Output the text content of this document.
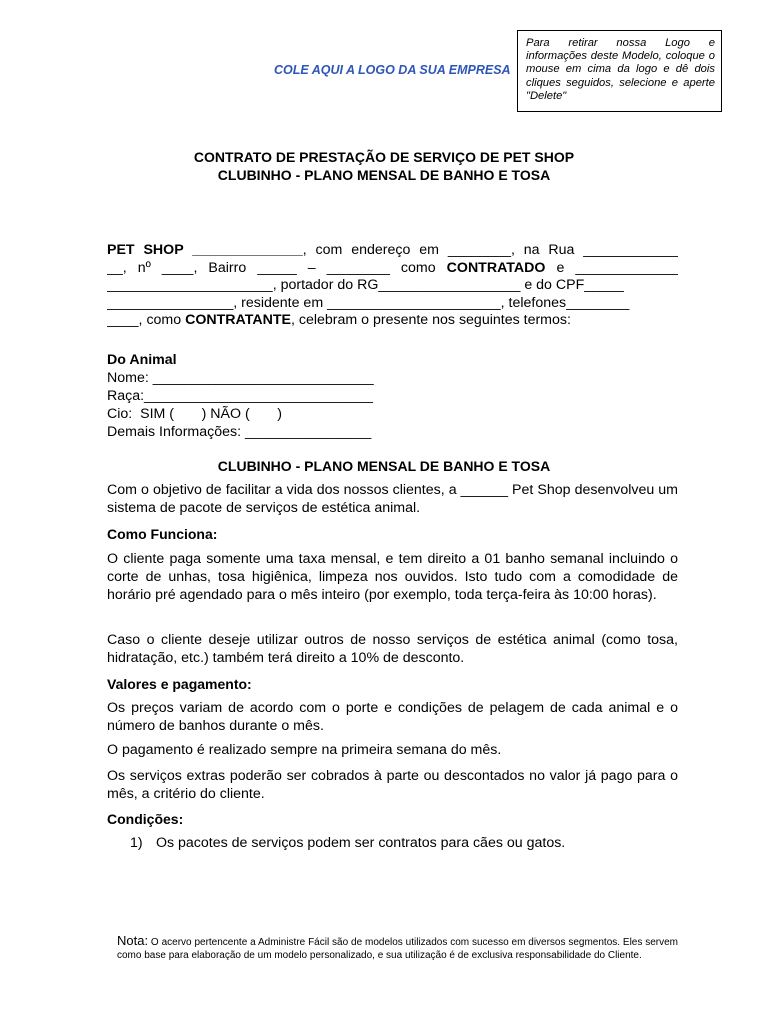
COLE AQUI A LOGO DA SUA EMPRESA
Para retirar nossa Logo e informações deste Modelo, coloque o mouse em cima da logo e dê dois cliques seguidos, selecione e aperte "Delete"
CONTRATO DE PRESTAÇÃO DE SERVIÇO DE PET SHOP
CLUBINHO - PLANO MENSAL DE BANHO E TOSA
PET SHOP ______________, com endereço em ________, na Rua ____________
__, nº ____, Bairro _____ – ________ como CONTRATADO e _____________
_____________________, portador do RG__________________ e do CPF_____
________________, residente em ______________________, telefones________
____, como CONTRATANTE, celebram o presente nos seguintes termos:
Do Animal
Nome: ____________________________
Raça:_____________________________
Cio:  SIM (       ) NÃO (       )
Demais Informações: ________________
CLUBINHO - PLANO MENSAL DE BANHO E TOSA
Com o objetivo de facilitar a vida dos nossos clientes, a ______ Pet Shop desenvolveu um sistema de pacote de serviços de estética animal.
Como Funciona:
O cliente paga somente uma taxa mensal, e tem direito a 01 banho semanal incluindo o corte de unhas, tosa higiênica, limpeza nos ouvidos. Isto tudo com a comodidade de horário pré agendado para o mês inteiro (por exemplo, toda terça-feira às 10:00 horas).
Caso o cliente deseje utilizar outros de nosso serviços de estética animal (como tosa, hidratação, etc.) também terá direito a 10% de desconto.
Valores e pagamento:
Os preços variam de acordo com o porte e condições de pelagem de cada animal e o número de banhos durante o mês.
O pagamento é realizado sempre na primeira semana do mês.
Os serviços extras poderão ser cobrados à parte ou descontados no valor já pago para o mês, a critério do cliente.
Condições:
1) Os pacotes de serviços podem ser contratos para cães ou gatos.
Nota: O acervo pertencente a Administre Fácil são de modelos utilizados com sucesso em diversos segmentos. Eles servem como base para elaboração de um modelo personalizado, e sua utilização é de exclusiva responsabilidade do Cliente.
